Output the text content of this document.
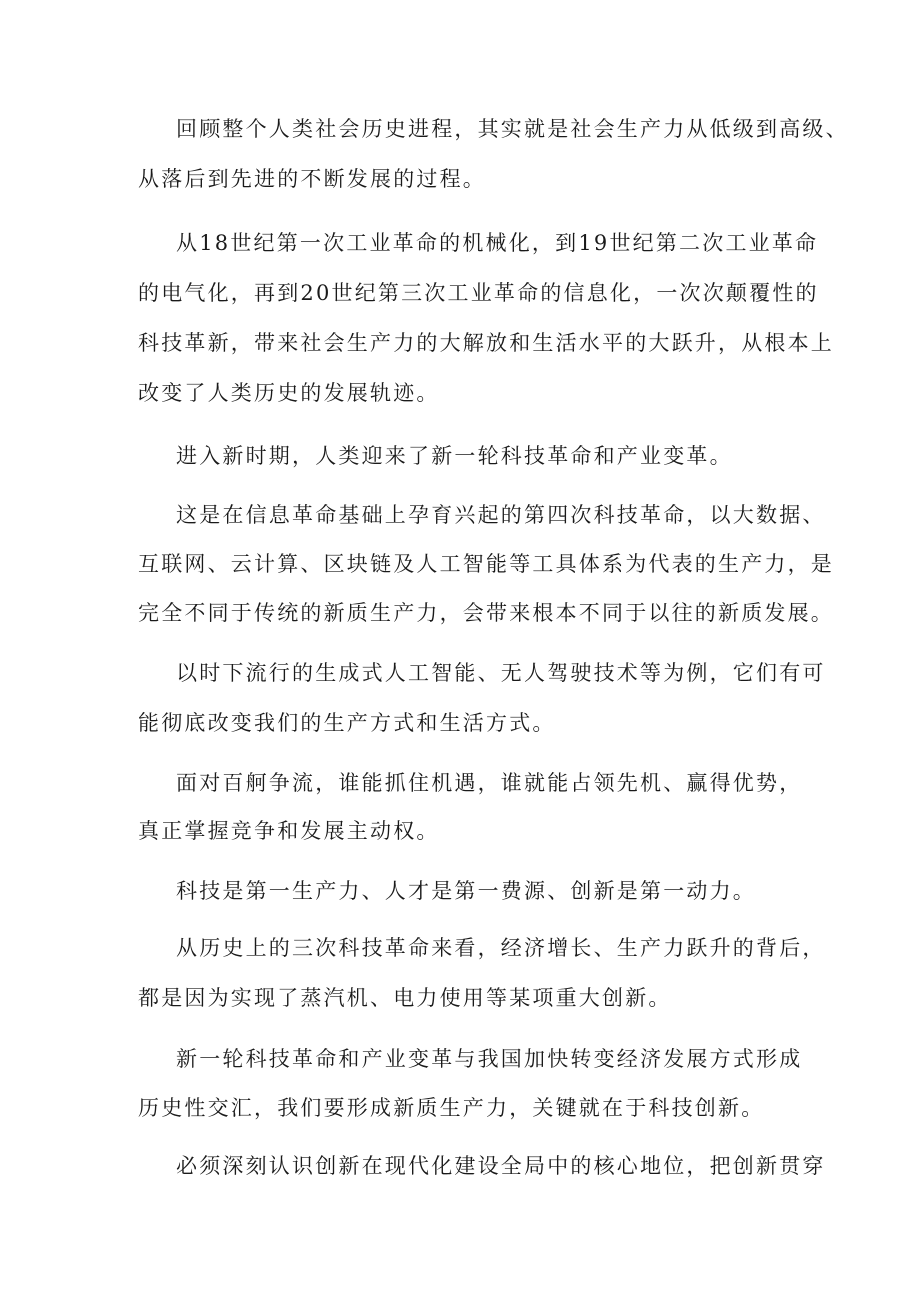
回顾整个人类社会历史进程，其实就是社会生产力从低级到高级、

从落后到先进的不断发展的过程。

从18世纪第一次工业革命的机械化，到19世纪第二次工业革命

的电气化，再到20世纪第三次工业革命的信息化，一次次颠覆性的

科技革新，带来社会生产力的大解放和生活水平的大跃升，从根本上

改变了人类历史的发展轨迹。

进入新时期，人类迎来了新一轮科技革命和产业变革。

这是在信息革命基础上孕育兴起的第四次科技革命，以大数据、

互联网、云计算、区块链及人工智能等工具体系为代表的生产力，是

完全不同于传统的新质生产力，会带来根本不同于以往的新质发展。

以时下流行的生成式人工智能、无人驾驶技术等为例，它们有可

能彻底改变我们的生产方式和生活方式。

面对百舸争流，谁能抓住机遇，谁就能占领先机、赢得优势，

真正掌握竞争和发展主动权。

科技是第一生产力、人才是第一费源、创新是第一动力。

从历史上的三次科技革命来看，经济增长、生产力跃升的背后，

都是因为实现了蒸汽机、电力使用等某项重大创新。

新一轮科技革命和产业变革与我国加快转变经济发展方式形成

历史性交汇，我们要形成新质生产力，关键就在于科技创新。

必须深刻认识创新在现代化建设全局中的核心地位，把创新贯穿
